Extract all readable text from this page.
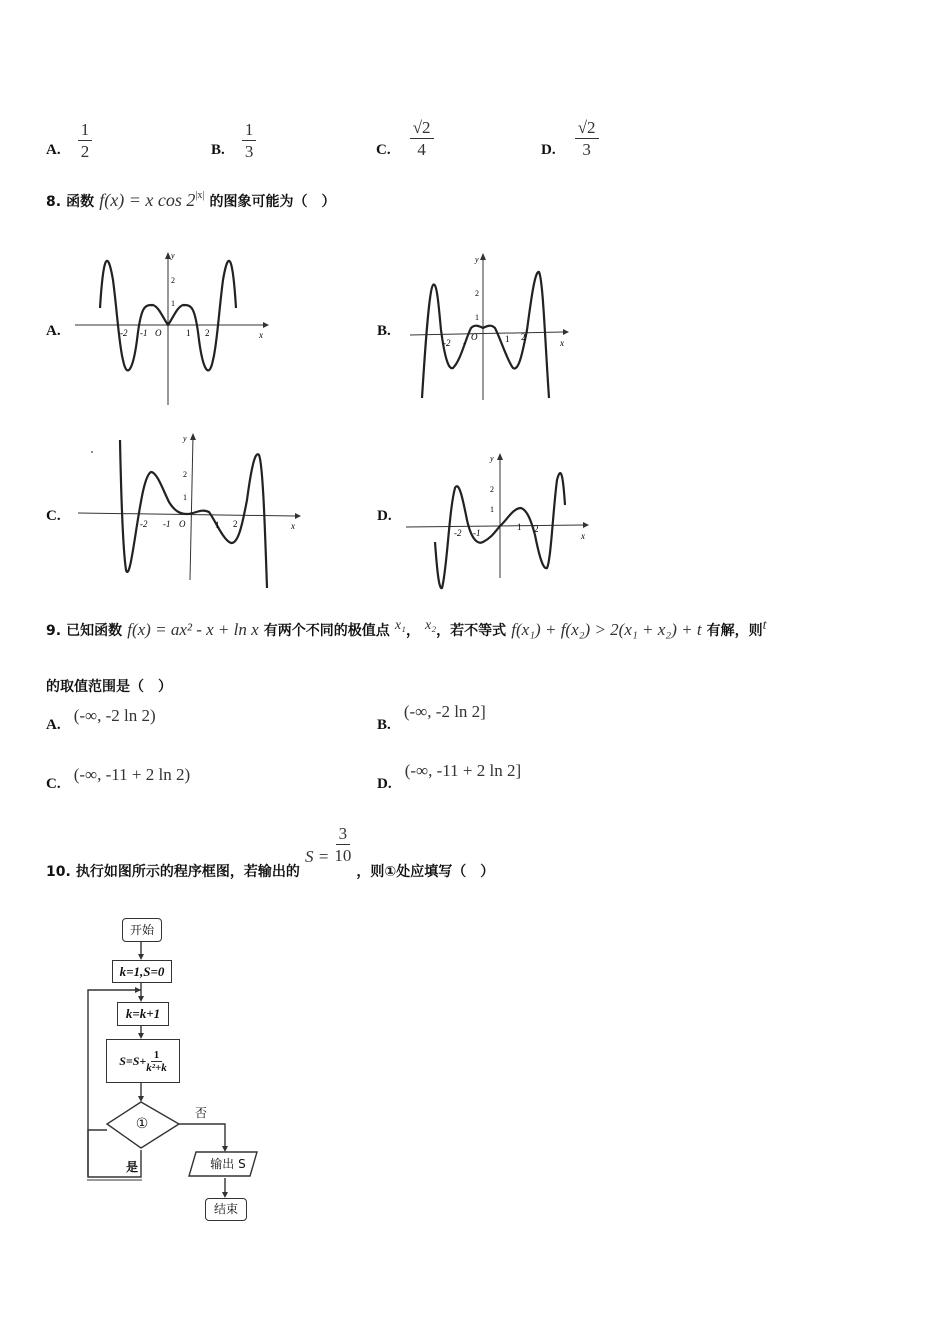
A. $\frac{1}{2}$	B. $\frac{1}{3}$	C. $\frac{√2}{4}$	D. $\frac{√2}{3}$
8. 函数 f(x) = x $\cos 2^{|x|}$ 的图象可能为（　）
A.	-2 -1 O	1 2
2
1
y
x	B.
-2 -
O	1 2
2
1
y
x
C.	-2 -1 O	1 2
2
1
y
x
D.
-2 -1
1 2
2
1
y
x
9. 已知函数 f(x) = ax² - x + ln x 有两个不同的极值点 x₁， x₂，若不等式 f(x₁) + f(x₂) > 2(x₁ + x₂) + t 有解，则t
的取值范围是（　）
A. (-∞, -2 ln 2)	B. (-∞, -2 ln 2]
C. (-∞, -11 + 2 ln 2)	D. (-∞, -11 + 2 ln 2]
10. 执行如图所示的程序框图，若输出的 $S = \frac{3}{10}$
，则①处应填写（　）
开始
k=1,S=0
k=k+1
$S=S+ \frac{1}{\text{k²+k}}$
①
否
是	输出 S
结束
